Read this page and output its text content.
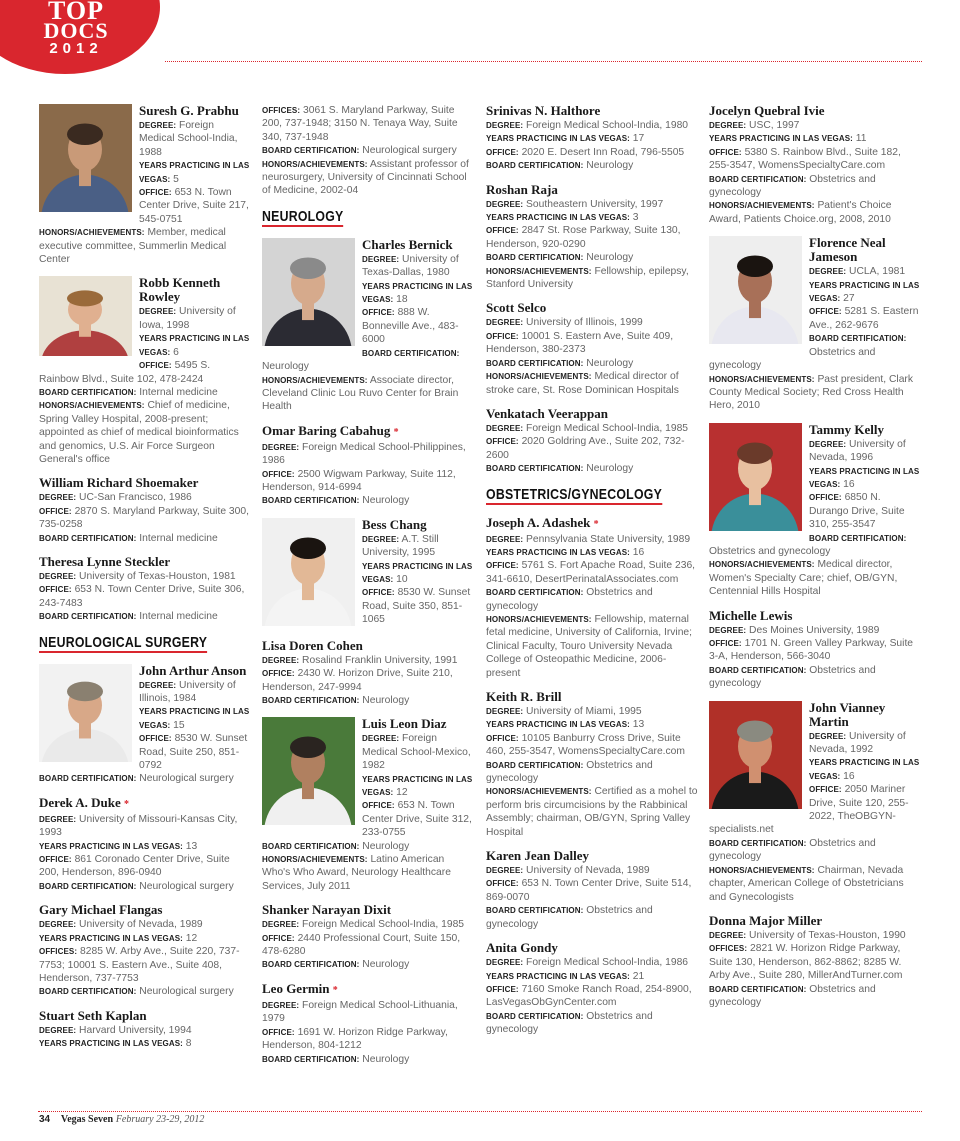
TOP
DOCS
2012
Suresh G. Prabhu
DEGREE: Foreign Medical School-India, 1988
YEARS PRACTICING IN LAS VEGAS: 5
OFFICE: 653 N. Town Center Drive, Suite 217, 545-0751
HONORS/ACHIEVEMENTS: Member, medical executive committee, Summerlin Medical Center
Robb Kenneth Rowley
DEGREE: University of Iowa, 1998
YEARS PRACTICING IN LAS VEGAS: 6
OFFICE: 5495 S. Rainbow Blvd., Suite 102, 478-2424
BOARD CERTIFICATION: Internal medicine
HONORS/ACHIEVEMENTS: Chief of medicine, Spring Valley Hospital, 2008-present; appointed as chief of medical bioinformatics and genomics, U.S. Air Force Surgeon General's office
William Richard Shoemaker
DEGREE: UC-San Francisco, 1986
OFFICE: 2870 S. Maryland Parkway, Suite 300, 735-0258
BOARD CERTIFICATION: Internal medicine
Theresa Lynne Steckler
DEGREE: University of Texas-Houston, 1981
OFFICE: 653 N. Town Center Drive, Suite 306, 243-7483
BOARD CERTIFICATION: Internal medicine
NEUROLOGICAL SURGERY
John Arthur Anson
DEGREE: University of Illinois, 1984
YEARS PRACTICING IN LAS VEGAS: 15
OFFICE: 8530 W. Sunset Road, Suite 250, 851-0792
BOARD CERTIFICATION: Neurological surgery
Derek A. Duke *
DEGREE: University of Missouri-Kansas City, 1993
YEARS PRACTICING IN LAS VEGAS: 13
OFFICE: 861 Coronado Center Drive, Suite 200, Henderson, 896-0940
BOARD CERTIFICATION: Neurological surgery
Gary Michael Flangas
DEGREE: University of Nevada, 1989
YEARS PRACTICING IN LAS VEGAS: 12
OFFICES: 8285 W. Arby Ave., Suite 220, 737-7753; 10001 S. Eastern Ave., Suite 408, Henderson, 737-7753
BOARD CERTIFICATION: Neurological surgery
Stuart Seth Kaplan
DEGREE: Harvard University, 1994
YEARS PRACTICING IN LAS VEGAS: 8
OFFICES: 3061 S. Maryland Parkway, Suite 200, 737-1948; 3150 N. Tenaya Way, Suite 340, 737-1948
BOARD CERTIFICATION: Neurological surgery
HONORS/ACHIEVEMENTS: Assistant professor of neurosurgery, University of Cincinnati School of Medicine, 2002-04
NEUROLOGY
Charles Bernick
DEGREE: University of Texas-Dallas, 1980
YEARS PRACTICING IN LAS VEGAS: 18
OFFICE: 888 W. Bonneville Ave., 483-6000
BOARD CERTIFICATION: Neurology
HONORS/ACHIEVEMENTS: Associate director, Cleveland Clinic Lou Ruvo Center for Brain Health
Omar Baring Cabahug *
DEGREE: Foreign Medical School-Philippines, 1986
OFFICE: 2500 Wigwam Parkway, Suite 112, Henderson, 914-6994
BOARD CERTIFICATION: Neurology
Bess Chang
DEGREE: A.T. Still University, 1995
YEARS PRACTICING IN LAS VEGAS: 10
OFFICE: 8530 W. Sunset Road, Suite 350, 851-1065
Lisa Doren Cohen
DEGREE: Rosalind Franklin University, 1991
OFFICE: 2430 W. Horizon Drive, Suite 210, Henderson, 247-9994
BOARD CERTIFICATION: Neurology
Luis Leon Diaz
DEGREE: Foreign Medical School-Mexico, 1982
YEARS PRACTICING IN LAS VEGAS: 12
OFFICE: 653 N. Town Center Drive, Suite 312, 233-0755
BOARD CERTIFICATION: Neurology
HONORS/ACHIEVEMENTS: Latino American Who's Who Award, Neurology Healthcare Services, July 2011
Shanker Narayan Dixit
DEGREE: Foreign Medical School-India, 1985
OFFICE: 2440 Professional Court, Suite 150, 478-6280
BOARD CERTIFICATION: Neurology
Leo Germin *
DEGREE: Foreign Medical School-Lithuania, 1979
OFFICE: 1691 W. Horizon Ridge Parkway, Henderson, 804-1212
BOARD CERTIFICATION: Neurology
Srinivas N. Halthore
DEGREE: Foreign Medical School-India, 1980
YEARS PRACTICING IN LAS VEGAS: 17
OFFICE: 2020 E. Desert Inn Road, 796-5505
BOARD CERTIFICATION: Neurology
Roshan Raja
DEGREE: Southeastern University, 1997
YEARS PRACTICING IN LAS VEGAS: 3
OFFICE: 2847 St. Rose Parkway, Suite 130, Henderson, 920-0290
BOARD CERTIFICATION: Neurology
HONORS/ACHIEVEMENTS: Fellowship, epilepsy, Stanford University
Scott Selco
DEGREE: University of Illinois, 1999
OFFICE: 10001 S. Eastern Ave, Suite 409, Henderson, 380-2373
BOARD CERTIFICATION: Neurology
HONORS/ACHIEVEMENTS: Medical director of stroke care, St. Rose Dominican Hospitals
Venkatach Veerappan
DEGREE: Foreign Medical School-India, 1985
OFFICE: 2020 Goldring Ave., Suite 202, 732-2600
BOARD CERTIFICATION: Neurology
OBSTETRICS/GYNECOLOGY
Joseph A. Adashek *
DEGREE: Pennsylvania State University, 1989
YEARS PRACTICING IN LAS VEGAS: 16
OFFICE: 5761 S. Fort Apache Road, Suite 236, 341-6610, DesertPerinatalAssociates.com
BOARD CERTIFICATION: Obstetrics and gynecology
HONORS/ACHIEVEMENTS: Fellowship, maternal fetal medicine, University of California, Irvine; Clinical Faculty, Touro University Nevada College of Osteopathic Medicine, 2006-present
Keith R. Brill
DEGREE: University of Miami, 1995
YEARS PRACTICING IN LAS VEGAS: 13
OFFICE: 10105 Banburry Cross Drive, Suite 460, 255-3547, WomensSpecialtyCare.com
BOARD CERTIFICATION: Obstetrics and gynecology
HONORS/ACHIEVEMENTS: Certified as a mohel to perform bris circumcisions by the Rabbinical Assembly; chairman, OB/GYN, Spring Valley Hospital
Karen Jean Dalley
DEGREE: University of Nevada, 1989
OFFICE: 653 N. Town Center Drive, Suite 514, 869-0070
BOARD CERTIFICATION: Obstetrics and gynecology
Anita Gondy
DEGREE: Foreign Medical School-India, 1986
YEARS PRACTICING IN LAS VEGAS: 21
OFFICE: 7160 Smoke Ranch Road, 254-8900, LasVegasObGynCenter.com
BOARD CERTIFICATION: Obstetrics and gynecology
Jocelyn Quebral Ivie
DEGREE: USC, 1997
YEARS PRACTICING IN LAS VEGAS: 11
OFFICE: 5380 S. Rainbow Blvd., Suite 182, 255-3547, WomensSpecialtyCare.com
BOARD CERTIFICATION: Obstetrics and gynecology
HONORS/ACHIEVEMENTS: Patient's Choice Award, Patients Choice.org, 2008, 2010
Florence Neal Jameson
DEGREE: UCLA, 1981
YEARS PRACTICING IN LAS VEGAS: 27
OFFICE: 5281 S. Eastern Ave., 262-9676
BOARD CERTIFICATION: Obstetrics and gynecology
HONORS/ACHIEVEMENTS: Past president, Clark County Medical Society; Red Cross Health Hero, 2010
Tammy Kelly
DEGREE: University of Nevada, 1996
YEARS PRACTICING IN LAS VEGAS: 16
OFFICE: 6850 N. Durango Drive, Suite 310, 255-3547
BOARD CERTIFICATION: Obstetrics and gynecology
HONORS/ACHIEVEMENTS: Medical director, Women's Specialty Care; chief, OB/GYN, Centennial Hills Hospital
Michelle Lewis
DEGREE: Des Moines University, 1989
OFFICE: 1701 N. Green Valley Parkway, Suite 3-A, Henderson, 566-3040
BOARD CERTIFICATION: Obstetrics and gynecology
John Vianney Martin
DEGREE: University of Nevada, 1992
YEARS PRACTICING IN LAS VEGAS: 16
OFFICE: 2050 Mariner Drive, Suite 120, 255-2022, TheOBGYN-specialists.net
BOARD CERTIFICATION: Obstetrics and gynecology
HONORS/ACHIEVEMENTS: Chairman, Nevada chapter, American College of Obstetricians and Gynecologists
Donna Major Miller
DEGREE: University of Texas-Houston, 1990
OFFICES: 2821 W. Horizon Ridge Parkway, Suite 130, Henderson, 862-8862; 8285 W. Arby Ave., Suite 280, MillerAndTurner.com
BOARD CERTIFICATION: Obstetrics and gynecology
34 Vegas Seven February 23-29, 2012
